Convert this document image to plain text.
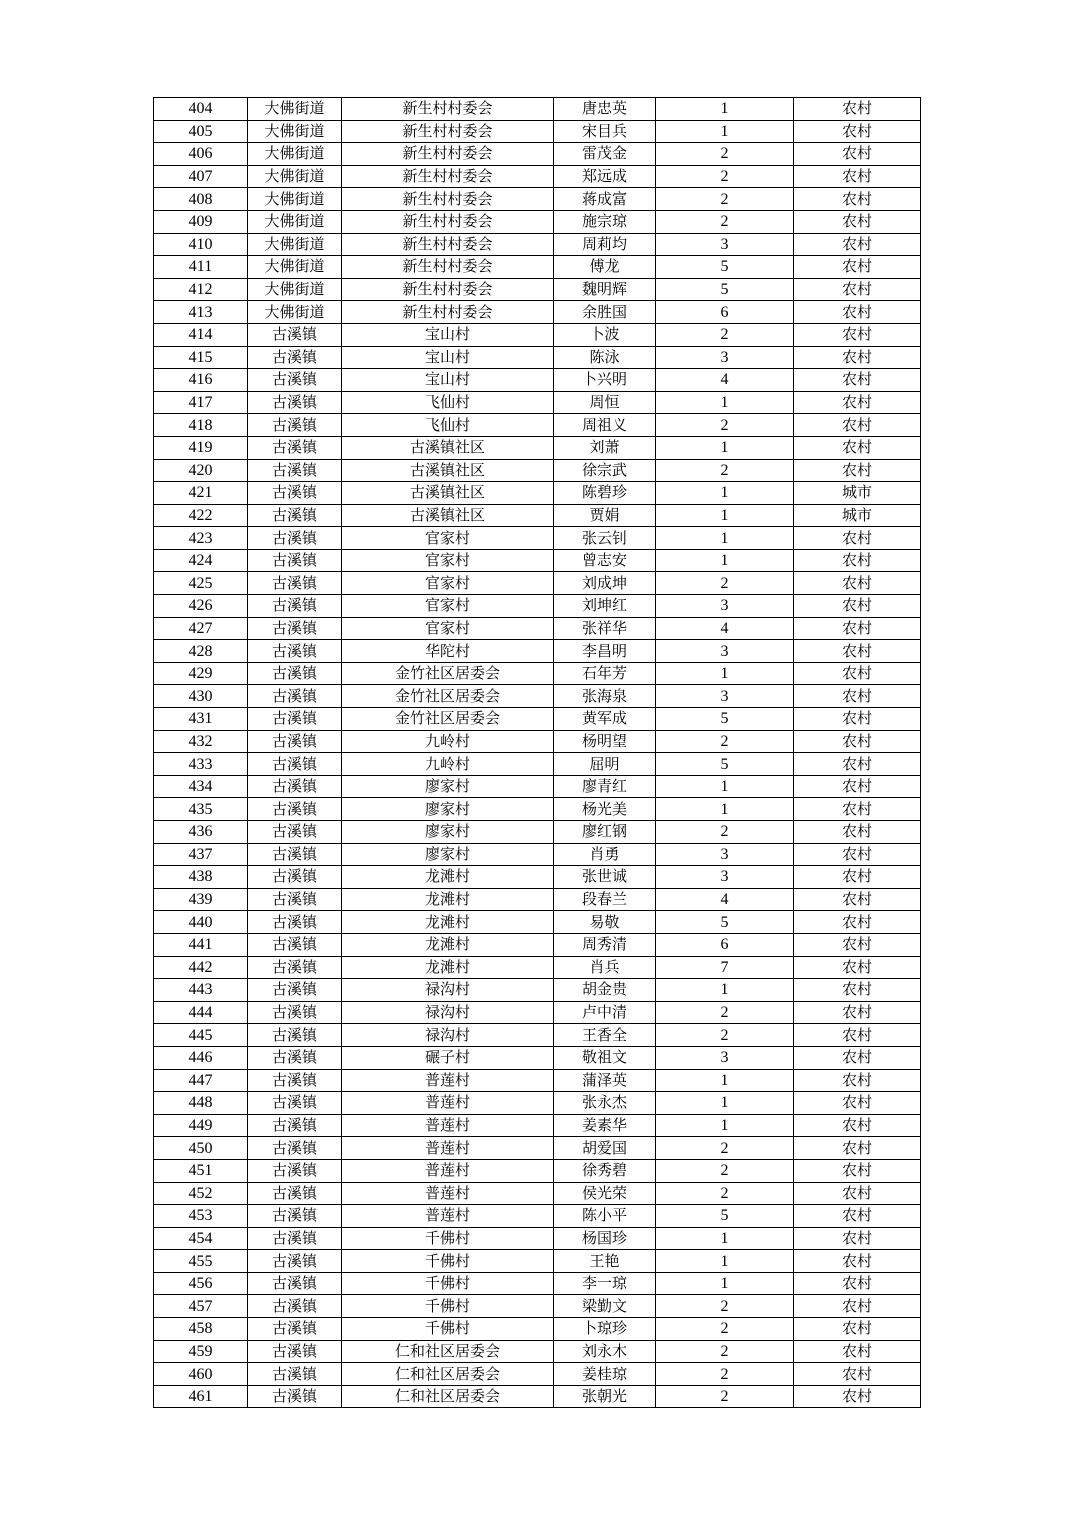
404	大佛街道	新生村村委会	唐忠英	1	农村
405	大佛街道	新生村村委会	宋目兵	1	农村
406	大佛街道	新生村村委会	雷茂金	2	农村
407	大佛街道	新生村村委会	郑远成	2	农村
408	大佛街道	新生村村委会	蒋成富	2	农村
409	大佛街道	新生村村委会	施宗琼	2	农村
410	大佛街道	新生村村委会	周莉均	3	农村
411	大佛街道	新生村村委会	傅龙	5	农村
412	大佛街道	新生村村委会	魏明辉	5	农村
413	大佛街道	新生村村委会	余胜国	6	农村
414	古溪镇	宝山村	卜波	2	农村
415	古溪镇	宝山村	陈泳	3	农村
416	古溪镇	宝山村	卜兴明	4	农村
417	古溪镇	飞仙村	周恒	1	农村
418	古溪镇	飞仙村	周祖义	2	农村
419	古溪镇	古溪镇社区	刘萧	1	农村
420	古溪镇	古溪镇社区	徐宗武	2	农村
421	古溪镇	古溪镇社区	陈碧珍	1	城市
422	古溪镇	古溪镇社区	贾娟	1	城市
423	古溪镇	官家村	张云钊	1	农村
424	古溪镇	官家村	曾志安	1	农村
425	古溪镇	官家村	刘成坤	2	农村
426	古溪镇	官家村	刘坤红	3	农村
427	古溪镇	官家村	张祥华	4	农村
428	古溪镇	华陀村	李昌明	3	农村
429	古溪镇	金竹社区居委会	石年芳	1	农村
430	古溪镇	金竹社区居委会	张海泉	3	农村
431	古溪镇	金竹社区居委会	黄军成	5	农村
432	古溪镇	九岭村	杨明望	2	农村
433	古溪镇	九岭村	屈明	5	农村
434	古溪镇	廖家村	廖青红	1	农村
435	古溪镇	廖家村	杨光美	1	农村
436	古溪镇	廖家村	廖红钢	2	农村
437	古溪镇	廖家村	肖勇	3	农村
438	古溪镇	龙滩村	张世诚	3	农村
439	古溪镇	龙滩村	段春兰	4	农村
440	古溪镇	龙滩村	易敬	5	农村
441	古溪镇	龙滩村	周秀清	6	农村
442	古溪镇	龙滩村	肖兵	7	农村
443	古溪镇	禄沟村	胡金贵	1	农村
444	古溪镇	禄沟村	卢中清	2	农村
445	古溪镇	禄沟村	王香全	2	农村
446	古溪镇	碾子村	敬祖文	3	农村
447	古溪镇	普莲村	蒲泽英	1	农村
448	古溪镇	普莲村	张永杰	1	农村
449	古溪镇	普莲村	姜素华	1	农村
450	古溪镇	普莲村	胡爱国	2	农村
451	古溪镇	普莲村	徐秀碧	2	农村
452	古溪镇	普莲村	侯光荣	2	农村
453	古溪镇	普莲村	陈小平	5	农村
454	古溪镇	千佛村	杨国珍	1	农村
455	古溪镇	千佛村	王艳	1	农村
456	古溪镇	千佛村	李一琼	1	农村
457	古溪镇	千佛村	梁勤文	2	农村
458	古溪镇	千佛村	卜琼珍	2	农村
459	古溪镇	仁和社区居委会	刘永木	2	农村
460	古溪镇	仁和社区居委会	姜桂琼	2	农村
461	古溪镇	仁和社区居委会	张朝光	2	农村
